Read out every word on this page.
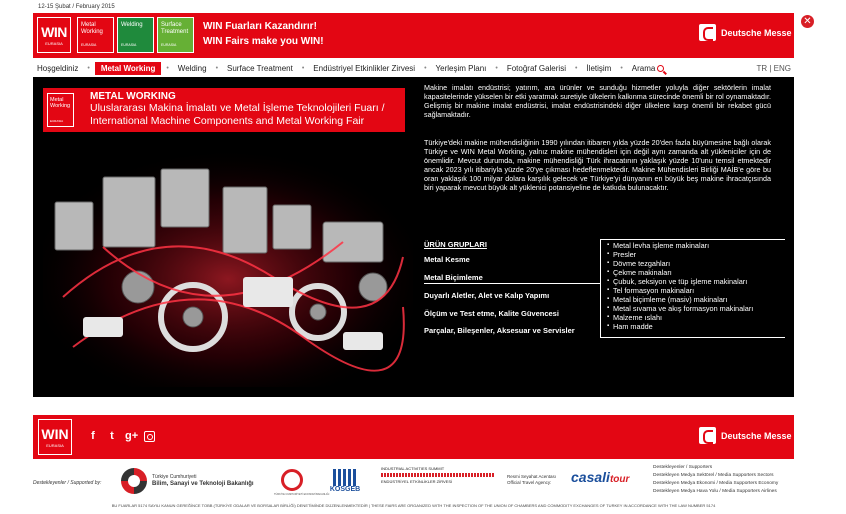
12-15 Şubat / February 2015
✕
WIN
EURASIA
Metal Working
EURASIA
Welding
EURASIA
Surface Treatment
EURASIA
WIN Fuarları Kazandırır!
WIN Fairs make you WIN!
Deutsche Messe
Hoşgeldiniz	•	Metal Working	•	Welding	•	Surface Treatment	•	Endüstriyel Etkinlikler Zirvesi	•	Yerleşim Planı	•	Fotoğraf Galerisi	•	İletişim	•	Arama	TR | ENG
Metal Working
EURASIA
METAL WORKING
Uluslararası Makina İmalatı ve Metal İşleme Teknolojileri Fuarı / International Machine Components and Metal Working Fair
Makine imalatı endüstrisi; yatırım, ara ürünler ve sunduğu hizmetler yoluyla diğer sektörlerin imalat kapasitelerinde yükselen bir etki yaratmak suretiyle ülkelerin kalkınma sürecinde önemli bir rol oynamaktadır. Gelişmiş bir makine imalat endüstrisi, imalat endüstrisindeki diğer ülkelere karşı önemli bir rekabet gücü sağlamaktadır.
Türkiye'deki makine mühendisliğinin 1990 yılından itibaren yılda yüzde 20'den fazla büyümesine bağlı olarak Türkiye ve WIN Metal Working, yalnız makine mühendisleri için değil aynı zamanda alt yükleniciler için de önemlidir. Mevcut durumda, makine mühendisliği Türk ihracatının yaklaşık yüzde 10'unu temsil etmektedir ancak 2023 yılı itibariyla yüzde 20'ye çıkması hedeflenmektedir. Makine Mühendisleri Birliği MAİB'e göre bu oran yaklaşık 100 milyar dolara karşılık gelecek ve Türkiye'yi dünyanın en büyük beş makine ihracatçısında biri yaparak mevcut büyük alt yüklenici potansiyeline de katkıda bulunacaktır.
ÜRÜN GRUPLARI
Metal Kesme
Metal Biçimleme
Duyarlı Aletler, Alet ve Kalıp Yapımı
Ölçüm ve Test etme, Kalite Güvencesi
Parçalar, Bileşenler, Aksesuar ve Servisler
▪ Metal levha işleme makinaları
▪ Presler
▪ Dövme tezgahları
▪ Çekme makinaları
▪ Çubuk, seksiyon ve tüp işleme makinaları
▪ Tel formasyon makinaları
▪ Metal biçimleme (masiv) makinaları
▪ Metal sıvama ve akış formasyon makinaları
▪ Malzeme ıslahı
▪ Ham madde
WIN
EURASIA
f	t	g+	Deutsche Messe
Destekleyenler / Supported by:
Türkiye Cumhuriyeti
Bilim, Sanayi ve Teknoloji Bakanlığı
TÜRKİYE CUMHURİYETİ EKONOMİ BAKANLIĞI
KOSGEB
INDUSTRIAL ACTIVITIES SUMMIT
ENDÜSTRİYEL ETKİNLİKLER ZİRVESİ
Resmi Seyahat Acentası
Official Travel Agency:	casalitour
Destekleyenler / Supporters
Destekleyen Medya Sektörel / Media Supporters Sectors
Destekleyen Medya Ekonomi / Media Supporters Economy
Destekleyen Medya Hava Yolu / Media Supporters Airlines
BU FUARLAR 5174 SAYILI KANUN GEREĞİNCE TOBB (TÜRKİYE ODALAR VE BORSALAR BİRLİĞİ) DENETİMİNDE DÜZENLENMEKTEDİR | THESE FAIRS ARE ORGANIZED WITH THE INSPECTION OF THE UNION OF CHAMBERS AND COMMODITY EXCHANGES OF TURKEY IN ACCORDANCE WITH THE LAW NUMBER 5174
